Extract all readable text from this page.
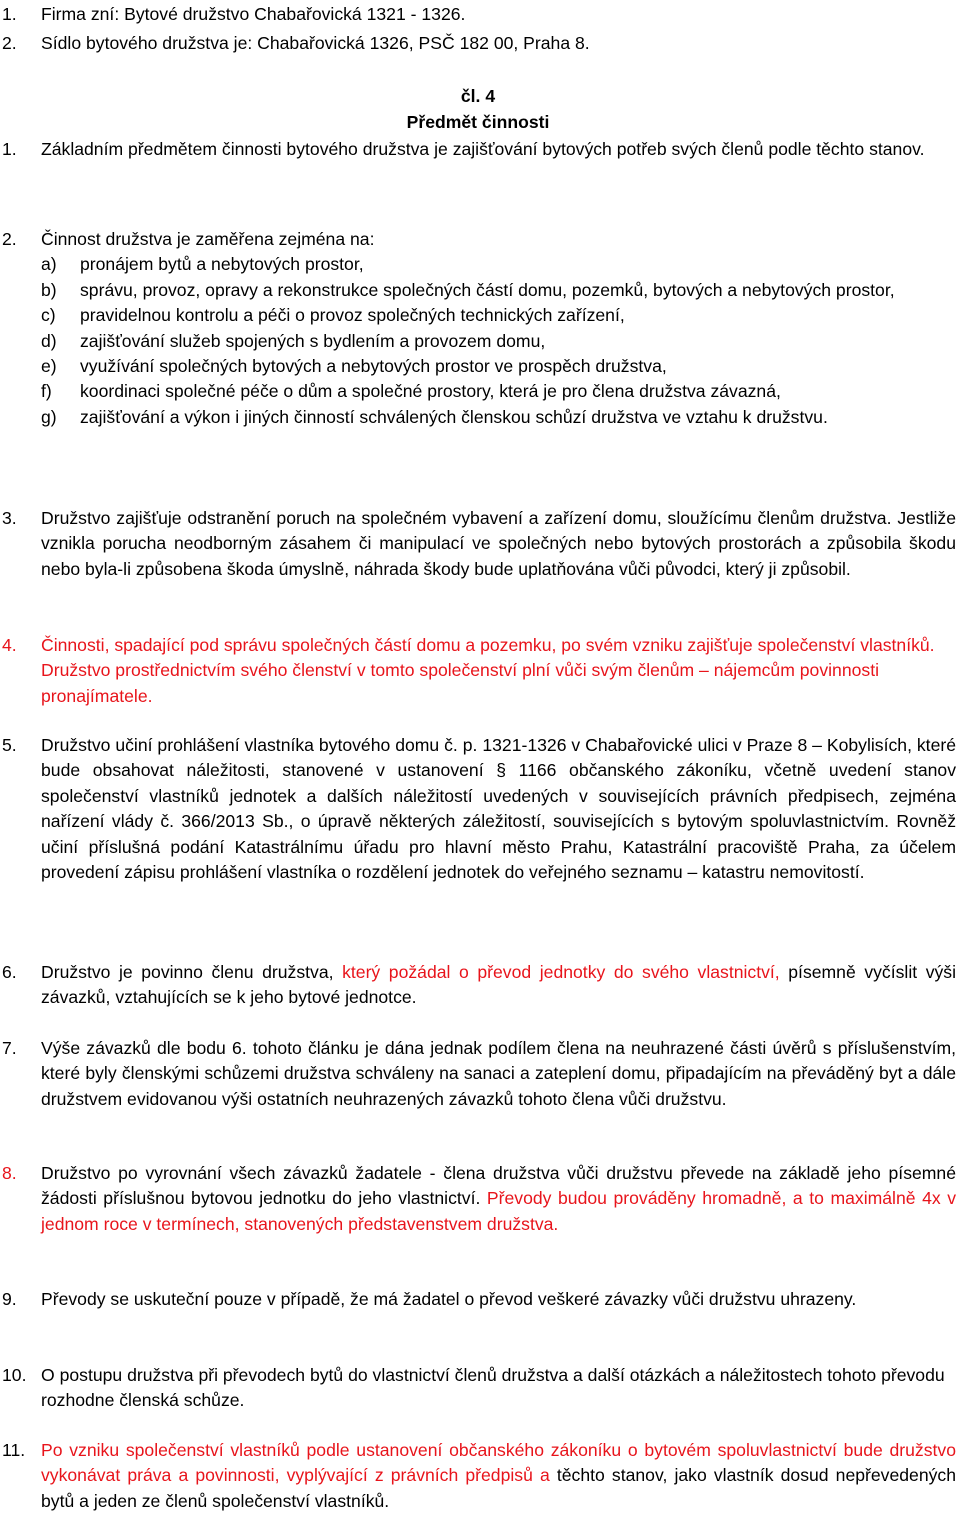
1. Firma zní: Bytové družstvo Chabařovická 1321 - 1326.
2. Sídlo bytového družstva je: Chabařovická 1326, PSČ 182 00, Praha 8.
čl. 4
Předmět činnosti
1. Základním předmětem činnosti bytového družstva je zajišťování bytových potřeb svých členů podle těchto stanov.
2. Činnost družstva je zaměřena zejména na:
a) pronájem bytů a nebytových prostor,
b) správu, provoz, opravy a rekonstrukce společných částí domu, pozemků, bytových a nebytových prostor,
c) pravidelnou kontrolu a péči o provoz společných technických zařízení,
d) zajišťování služeb spojených s bydlením a provozem domu,
e) využívání společných bytových a nebytových prostor ve prospěch družstva,
f) koordinaci společné péče o dům a společné prostory, která je pro člena družstva závazná,
g) zajišťování a výkon i jiných činností schválených členskou schůzí družstva ve vztahu k družstvu.
3. Družstvo zajišťuje odstranění poruch na společném vybavení a zařízení domu, sloužícímu členům družstva. Jestliže vznikla porucha neodborným zásahem či manipulací ve společných nebo bytových prostorách a způsobila škodu nebo byla-li způsobena škoda úmyslně, náhrada škody bude uplatňována vůči původci, který ji způsobil.
4. Činnosti, spadající pod správu společných částí domu a pozemku, po svém vzniku zajišťuje společenství vlastníků. Družstvo prostřednictvím svého členství v tomto společenství plní vůči svým členům – nájemcům povinnosti pronajímatele.
5. Družstvo učiní prohlášení vlastníka bytového domu č. p. 1321-1326 v Chabařovické ulici v Praze 8 – Kobylisích, které bude obsahovat náležitosti, stanovené v ustanovení § 1166 občanského zákoníku, včetně uvedení stanov společenství vlastníků jednotek a dalších náležitostí uvedených v souvisejících právních předpisech, zejména nařízení vlády č. 366/2013 Sb., o úpravě některých záležitostí, souvisejících s bytovým spoluvlastnictvím. Rovněž učiní příslušná podání Katastrálnímu úřadu pro hlavní město Prahu, Katastrální pracoviště Praha, za účelem provedení zápisu prohlášení vlastníka o rozdělení jednotek do veřejného seznamu – katastru nemovitostí.
6. Družstvo je povinno členu družstva, který požádal o převod jednotky do svého vlastnictví, písemně vyčíslit výši závazků, vztahujících se k jeho bytové jednotce.
7. Výše závazků dle bodu 6. tohoto článku je dána jednak podílem člena na neuhrazené části úvěrů s příslušenstvím, které byly členskými schůzemi družstva schváleny na sanaci a zateplení domu, připadajícím na převáděný byt a dále družstvem evidovanou výši ostatních neuhrazených závazků tohoto člena vůči družstvu.
8. Družstvo po vyrovnání všech závazků žadatele - člena družstva vůči družstvu převede na základě jeho písemné žádosti příslušnou bytovou jednotku do jeho vlastnictví. Převody budou prováděny hromadně, a to maximálně 4x v jednom roce v termínech, stanovených představenstvem družstva.
9. Převody se uskuteční pouze v případě, že má žadatel o převod veškeré závazky vůči družstvu uhrazeny.
10. O postupu družstva při převodech bytů do vlastnictví členů družstva a další otázkách a náležitostech tohoto převodu rozhodne členská schůze.
11. Po vzniku společenství vlastníků podle ustanovení občanského zákoníku o bytovém spoluvlastnictví bude družstvo vykonávat práva a povinnosti, vyplývající z právních předpisů a těchto stanov, jako vlastník dosud nepřevedených bytů a jeden ze členů společenství vlastníků.
